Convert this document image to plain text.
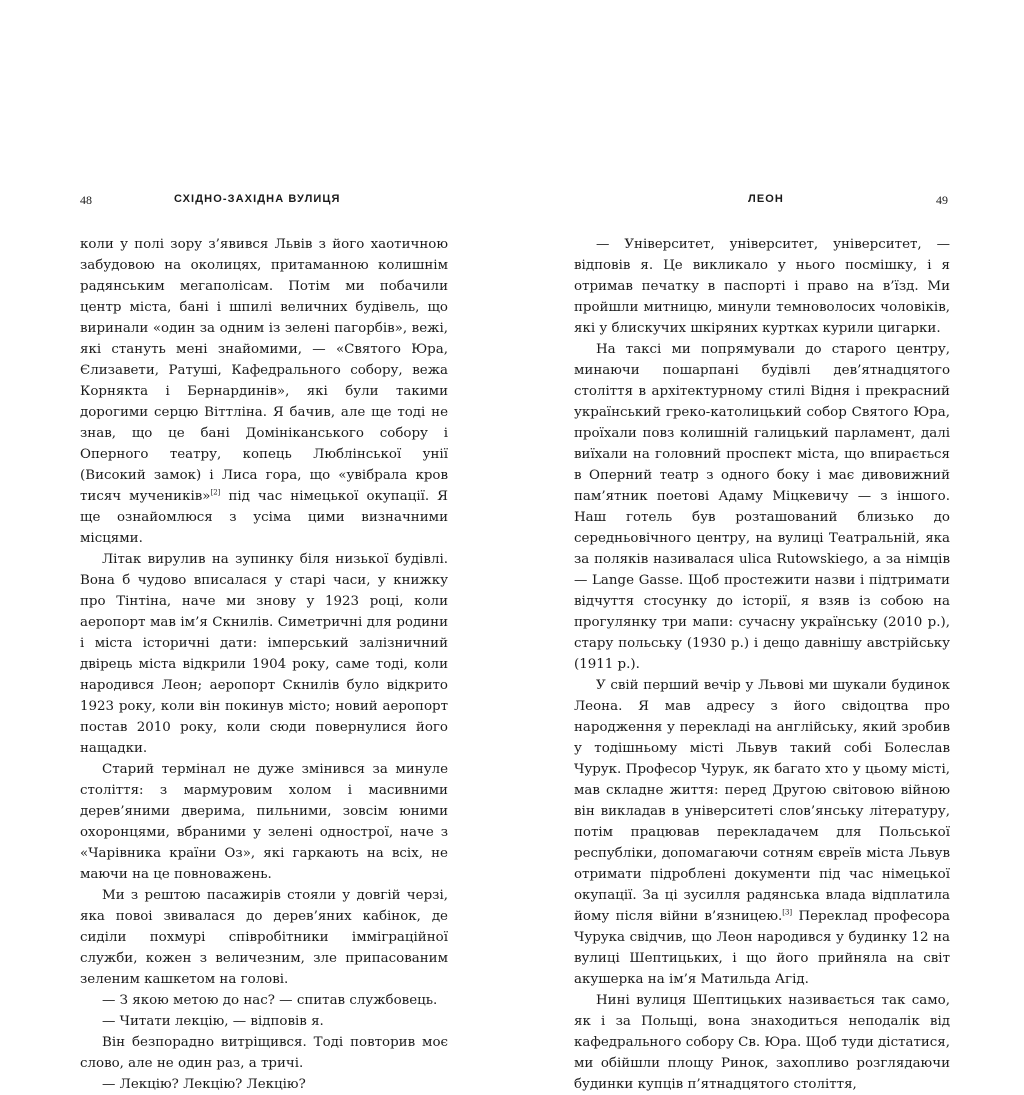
48	СХІДНО-ЗАХІДНА ВУЛИЦЯ

коли у полі зору з’явився Львів з його хаотичною забудовою на околицях, притаманною колишнім радянським мегаполісам. Потім ми побачили центр міста, бані і шпилі величних будівель, що виринали «один за одним із зелені пагорбів», вежі, які стануть мені знайомими, — «Святого Юра, Єлизавети, Ратуші, Кафедрального собору, вежа Корнякта і Бернардинів», які були такими дорогими серцю Віттліна. Я бачив, але ще тоді не знав, що це бані Домініканського собору і Оперного театру, копець Люблінської унії (Високий замок) і Лиса гора, що «увібрала кров тисяч мучеників»[2] під час німецької окупації. Я ще ознайомлюся з усіма цими визначними місцями.

Літак вирулив на зупинку біля низької будівлі. Вона б чудово вписалася у старі часи, у книжку про Тінтіна, наче ми знову у 1923 році, коли аеропорт мав ім’я Скнилів. Симетричні для родини і міста історичні дати: імперський залізничний двірець міста відкрили 1904 року, саме тоді, коли народився Леон; аеропорт Скнилів було відкрито 1923 року, коли він покинув місто; новий аеропорт постав 2010 року, коли сюди повернулися його нащадки.

Старий термінал не дуже змінився за минуле століття: з мармуровим холом і масивними дерев’яними дверима, пильними, зовсім юними охоронцями, вбраними у зелені однострої, наче з «Чарівника країни Оз», які гаркають на всіх, не маючи на це повноважень.

Ми з рештою пасажирів стояли у довгій черзі, яка повоі звивалася до дерев’яних кабінок, де сиділи похмурі співробітники імміграційної служби, кожен з величезним, зле припасованим зеленим кашкетом на голові.

— З якою метою до нас? — спитав службовець.

— Читати лекцію, — відповів я.

Він безпорадно витріщився. Тоді повторив моє слово, але не один раз, а тричі.

— Лекцію? Лекцію? Лекцію?

ЛЕОН	49

— Університет, університет, університет, — відповів я. Це викликало у нього посмішку, і я отримав печатку в паспорті і право на в’їзд. Ми пройшли митницю, минули темноволосих чоловіків, які у блискучих шкіряних куртках курили цигарки.

На таксі ми попрямували до старого центру, минаючи пошарпані будівлі дев’ятнадцятого століття в архітектурному стилі Відня і прекрасний український греко-католицький собор Святого Юра, проїхали повз колишній галицький парламент, далі виїхали на головний проспект міста, що впирається в Оперний театр з одного боку і має дивовижний пам’ятник поетові Адаму Міцкевичу — з іншого. Наш готель був розташований близько до середньовічного центру, на вулиці Театральній, яка за поляків називалася ulica Rutowskiego, а за німців — Lange Gasse. Щоб простежити назви і підтримати відчуття стосунку до історії, я взяв із собою на прогулянку три мапи: сучасну українську (2010 р.), стару польську (1930 р.) і дещо давнішу австрійську (1911 р.).

У свій перший вечір у Львові ми шукали будинок Леона. Я мав адресу з його свідоцтва про народження у перекладі на англійську, який зробив у тодішньому місті Львув такий собі Болеслав Чурук. Професор Чурук, як багато хто у цьому місті, мав складне життя: перед Другою світовою війною він викладав в університеті слов’янську літературу, потім працював перекладачем для Польської республіки, допомагаючи сотням євреїв міста Львув отримати підроблені документи під час німецької окупації. За ці зусилля радянська влада відплатила йому після війни в’язницею.[3] Переклад професора Чурука свідчив, що Леон народився у будинку 12 на вулиці Шептицьких, і що його прийняла на світ акушерка на ім’я Матильда Агід.

Нині вулиця Шептицьких називається так само, як і за Польщі, вона знаходиться неподалік від кафедрального собору Св. Юра. Щоб туди дістатися, ми обійшли площу Ринок, захопливо розглядаючи будинки купців п’ятнадцятого століття,
